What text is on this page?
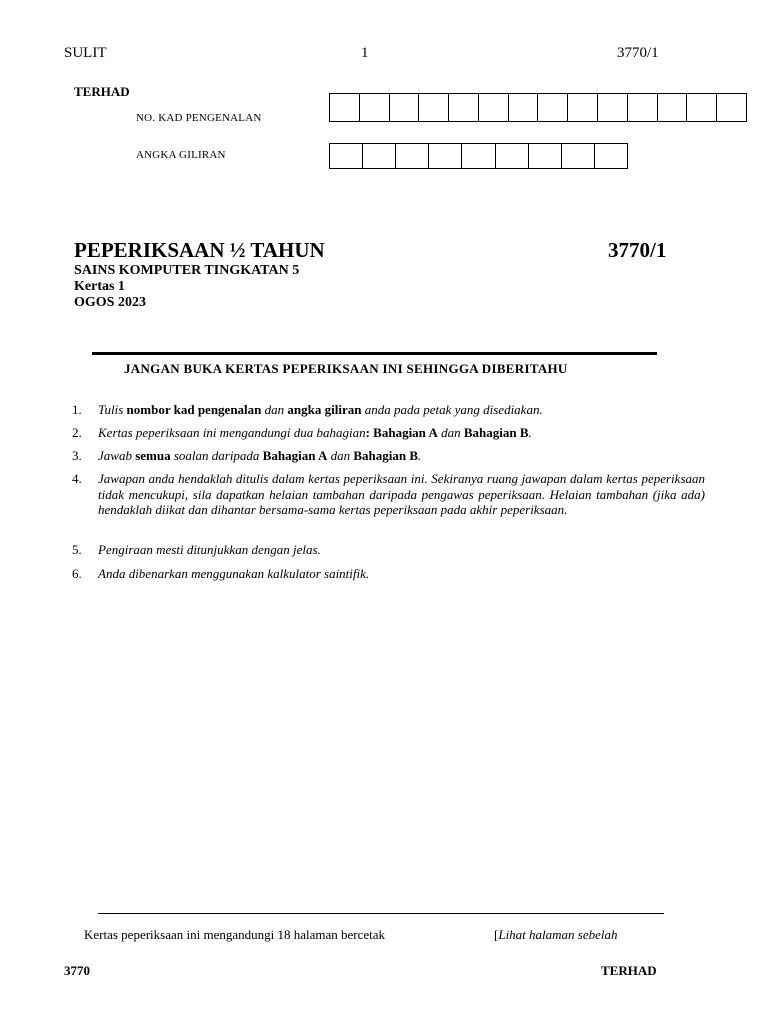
SULIT	1	3770/1
TERHAD
NO. KAD PENGENALAN
ANGKA GILIRAN
PEPERIKSAAN ½ TAHUN	3770/1
SAINS KOMPUTER TINGKATAN 5
Kertas 1
OGOS 2023
JANGAN BUKA KERTAS PEPERIKSAAN INI SEHINGGA DIBERITAHU
1. Tulis nombor kad pengenalan dan angka giliran anda pada petak yang disediakan.
2. Kertas peperiksaan ini mengandungi dua bahagian: Bahagian A dan Bahagian B.
3. Jawab semua soalan daripada Bahagian A dan Bahagian B.
4. Jawapan anda hendaklah ditulis dalam kertas peperiksaan ini. Sekiranya ruang jawapan dalam kertas peperiksaan tidak mencukupi, sila dapatkan helaian tambahan daripada pengawas peperiksaan. Helaian tambahan (jika ada) hendaklah diikat dan dihantar bersama-sama kertas peperiksaan pada akhir peperiksaan.
5. Pengiraan mesti ditunjukkan dengan jelas.
6. Anda dibenarkan menggunakan kalkulator saintifik.
Kertas peperiksaan ini mengandungi 18 halaman bercetak	[Lihat halaman sebelah
3770	TERHAD
